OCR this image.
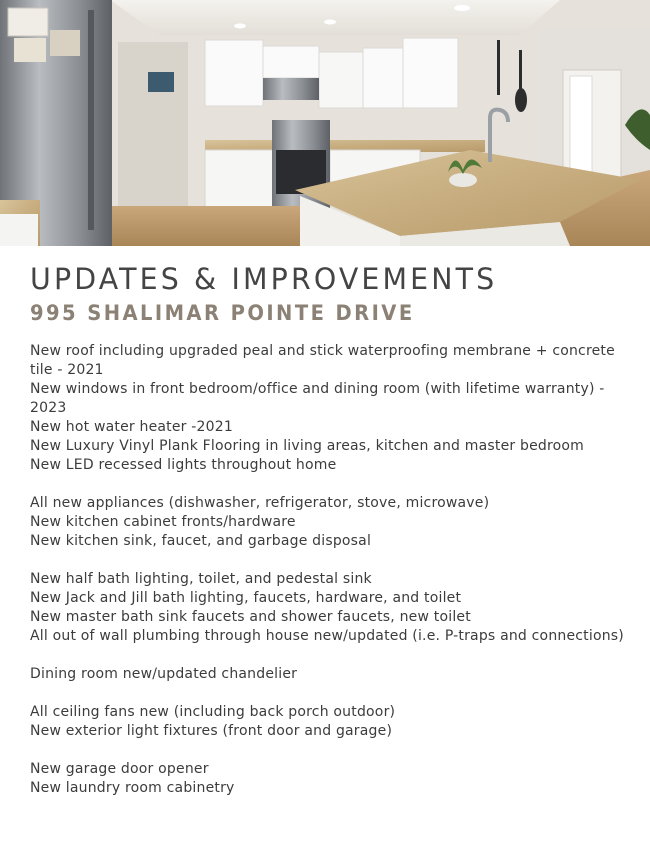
UPDATES & IMPROVEMENTS
995 SHALIMAR POINTE DRIVE
New roof including upgraded peal and stick waterproofing membrane + concrete tile - 2021
New windows in front bedroom/office and dining room (with lifetime warranty) - 2023
New hot water heater -2021
New Luxury Vinyl Plank Flooring in living areas, kitchen and master bedroom
New LED recessed lights throughout home
All new appliances (dishwasher, refrigerator, stove, microwave)
New kitchen cabinet fronts/hardware
New kitchen sink, faucet, and garbage disposal
New half bath lighting, toilet, and pedestal sink
New Jack and Jill bath lighting, faucets, hardware, and toilet
New master bath sink faucets and shower faucets, new toilet
All out of wall plumbing through house new/updated (i.e. P-traps and connections)
Dining room new/updated chandelier
All ceiling fans new (including back porch outdoor)
New exterior light fixtures (front door and garage)
New garage door opener
New laundry room cabinetry
